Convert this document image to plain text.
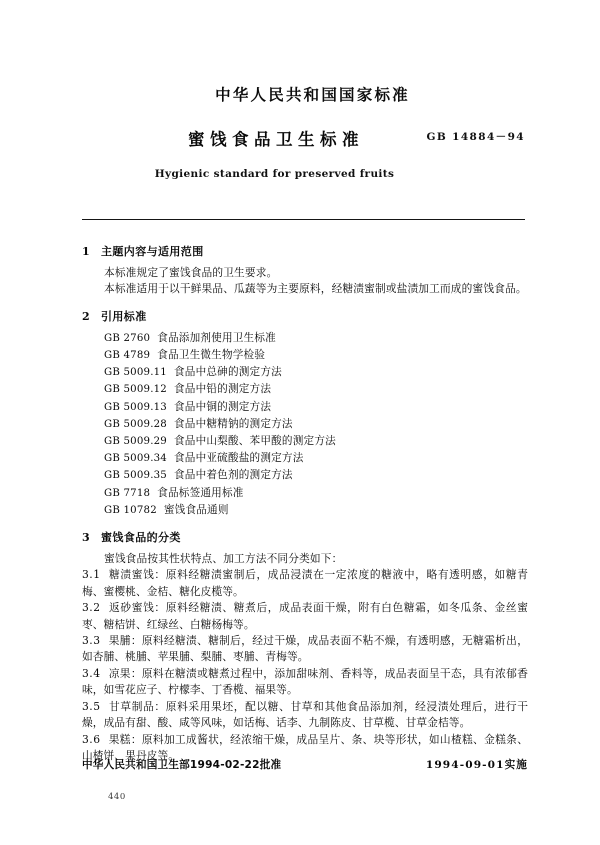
中华人民共和国国家标准
蜜饯食品卫生标准	GB 14884－94
Hygienic standard for preserved fruits
1 主题内容与适用范围

本标准规定了蜜饯食品的卫生要求。

本标准适用于以干鲜果品、瓜蔬等为主要原料，经糖渍蜜制或盐渍加工而成的蜜饯食品。

2 引用标准
GB 2760 食品添加剂使用卫生标准
GB 4789 食品卫生微生物学检验
GB 5009.11 食品中总砷的测定方法
GB 5009.12 食品中铅的测定方法
GB 5009.13 食品中铜的测定方法
GB 5009.28 食品中糖精钠的测定方法
GB 5009.29 食品中山梨酸、苯甲酸的测定方法
GB 5009.34 食品中亚硫酸盐的测定方法
GB 5009.35 食品中着色剂的测定方法
GB 7718 食品标签通用标准
GB 10782 蜜饯食品通则
3 蜜饯食品的分类

蜜饯食品按其性状特点、加工方法不同分类如下：

3.1 糖渍蜜饯：原料经糖渍蜜制后，成品浸渍在一定浓度的糖液中，略有透明感，如糖青梅、蜜樱桃、金桔、糖化皮榄等。

3.2 返砂蜜饯：原料经糖渍、糖煮后，成品表面干燥，附有白色糖霜，如冬瓜条、金丝蜜枣、糖桔饼、红绿丝、白糖杨梅等。

3.3 果脯：原料经糖渍、糖制后，经过干燥，成品表面不粘不燥，有透明感，无糖霜析出，如杏脯、桃脯、苹果脯、梨脯、枣脯、青梅等。

3.4 凉果：原料在糖渍或糖煮过程中，添加甜味剂、香料等，成品表面呈干态，具有浓郁香味，如雪花应子、柠檬李、丁香榄、福果等。

3.5 甘草制品：原料采用果坯，配以糖、甘草和其他食品添加剂，经浸渍处理后，进行干燥，成品有甜、酸、咸等风味，如话梅、话李、九制陈皮、甘草榄、甘草金桔等。

3.6 果糕：原料加工成酱状，经浓缩干燥，成品呈片、条、块等形状，如山楂糕、金糕条、山楂饼、果丹皮等。

中华人民共和国卫生部1994-02-22批准	1994-09-01实施
440
